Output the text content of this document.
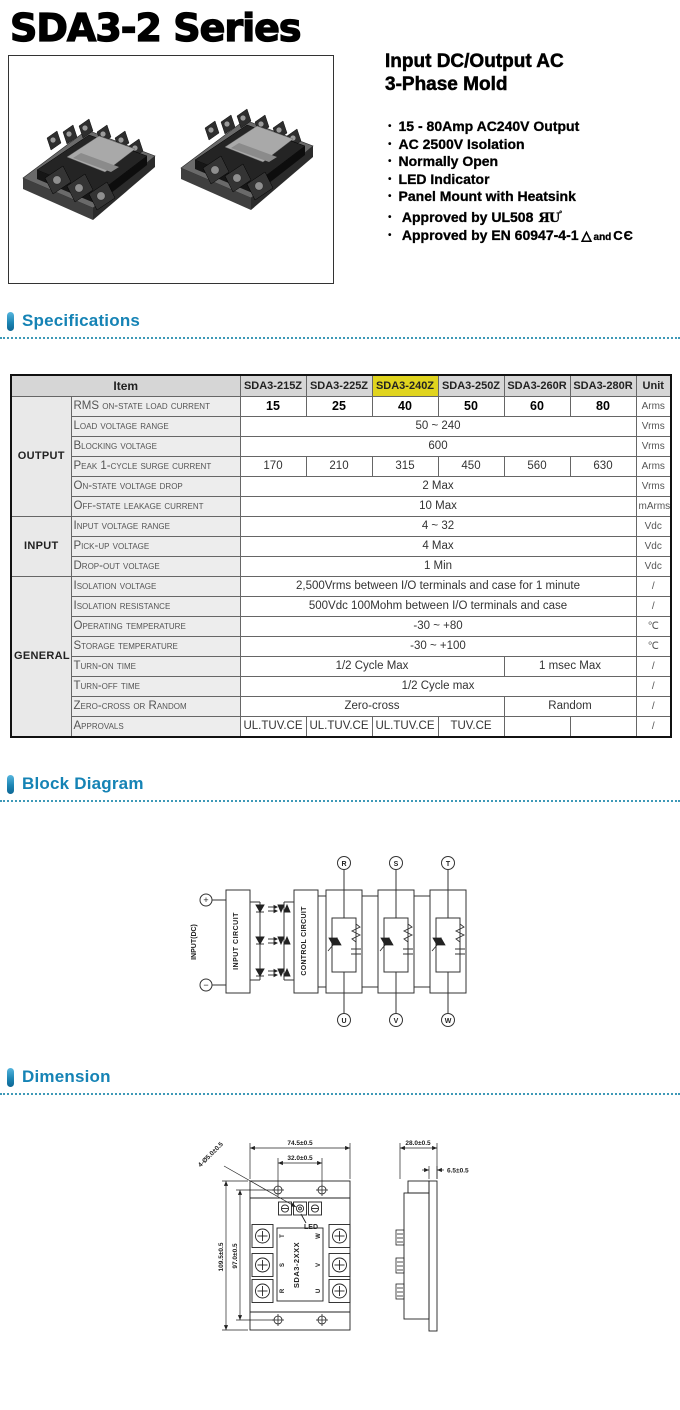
SDA3-2 Series
Input DC/Output AC
3-Phase Mold
• 15 - 80Amp AC240V Output
• AC 2500V Isolation
• Normally Open
• LED Indicator
• Panel Mount with Heatsink
• Approved by UL508 ЯU°
• Approved by EN 60947-4-1 △ and CЄ
Specifications
Item		SDA3-215Z	SDA3-225Z	SDA3-240Z	SDA3-250Z	SDA3-260R	SDA3-280R	Unit
OUTPUT	RMS on-state load current	15	25	40	50	60	80	Arms
	Load voltage range	50 ~ 240						Vrms
	Blocking voltage	600						Vrms
	Peak 1-cycle surge current	170	210	315	450	560	630	Arms
	On-state voltage drop	2 Max						Vrms
	Off-state leakage current	10 Max						mArms
INPUT	Input voltage range	4 ~ 32						Vdc
	Pick-up voltage	4 Max						Vdc
	Drop-out voltage	1 Min						Vdc
GENERAL	Isolation voltage	2,500Vrms between I/O terminals and case for 1 minute						/
	Isolation resistance	500Vdc 100Mohm between I/O terminals and case						/
	Operating temperature	-30 ~ +80						℃
	Storage temperature	-30 ~ +100						℃
	Turn-on time	1/2 Cycle Max				1 msec Max		/
	Turn-off time	1/2 Cycle max						/
	Zero-cross or Random	Zero-cross				Random		/
	Approvals	UL.TUV.CE	UL.TUV.CE	UL.TUV.CE	TUV.CE			/
Block Diagram
+
−
INPUT(DC)	INPUT CIRCUIT	CONTROL CIRCUIT
R	S	T
U	V	W
Dimension
74.5±0.5
32.0±0.5
109.5±0.5 97.0±0.5
4-Ø5.0±0.5
LED
SDA3-2XXX
T
S
R
W
V
U
28.0±0.5
6.5±0.5
